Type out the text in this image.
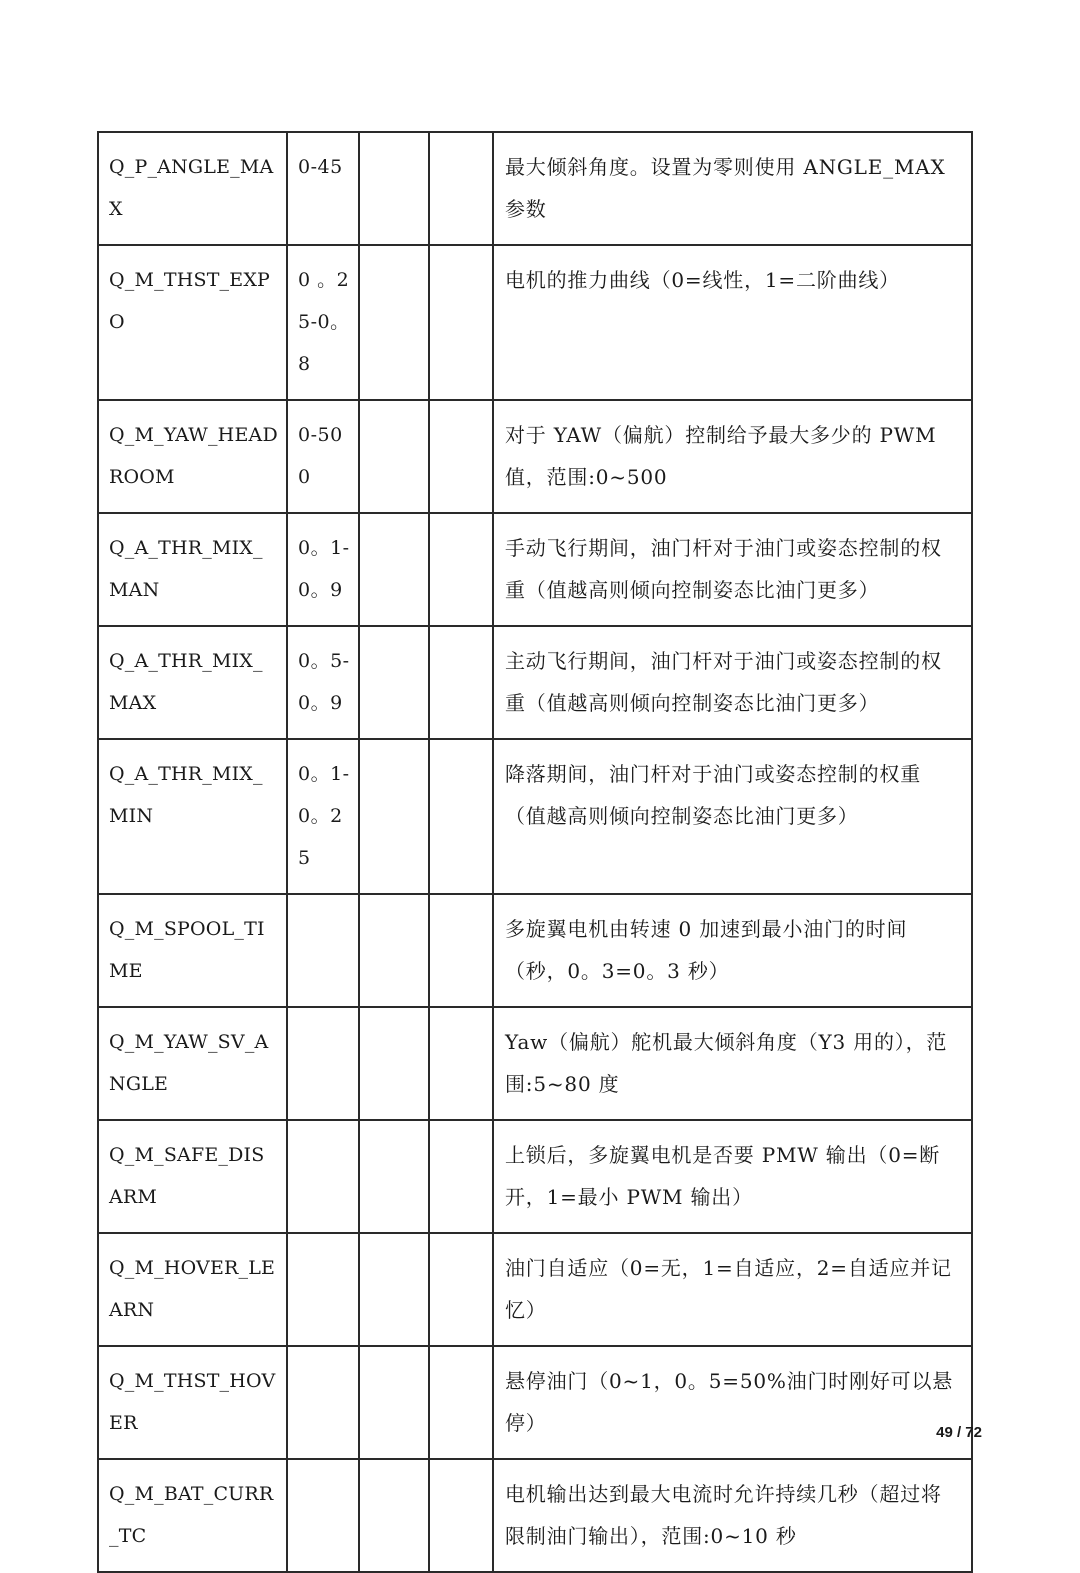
Q_P_ANGLE_MAX	0-45			最大倾斜角度。设置为零则使用 ANGLE_MAX 参数
Q_M_THST_EXPO	0 。25-0。8			电机的推力曲线（0=线性，1=二阶曲线）
Q_M_YAW_HEADROOM	0-500			对于 YAW（偏航）控制给予最大多少的 PWM 值，范围:0~500
Q_A_THR_MIX_MAN	0。1-0。9			手动飞行期间，油门杆对于油门或姿态控制的权重（值越高则倾向控制姿态比油门更多）
Q_A_THR_MIX_MAX	0。5-0。9			主动飞行期间，油门杆对于油门或姿态控制的权重（值越高则倾向控制姿态比油门更多）
Q_A_THR_MIX_MIN	0。1-0。25			降落期间，油门杆对于油门或姿态控制的权重（值越高则倾向控制姿态比油门更多）
Q_M_SPOOL_TIME				多旋翼电机由转速 0 加速到最小油门的时间（秒，0。3=0。3 秒）
Q_M_YAW_SV_ANGLE				Yaw（偏航）舵机最大倾斜角度（Y3 用的），范围:5~80 度
Q_M_SAFE_DISARM				上锁后，多旋翼电机是否要 PMW 输出（0=断开，1=最小 PWM 输出）
Q_M_HOVER_LEARN				油门自适应（0=无，1=自适应，2=自适应并记忆）
Q_M_THST_HOVER				悬停油门（0~1，0。5=50%油门时刚好可以悬停）
Q_M_BAT_CURR_TC				电机输出达到最大电流时允许持续几秒（超过将限制油门输出），范围:0~10 秒
49 / 72
